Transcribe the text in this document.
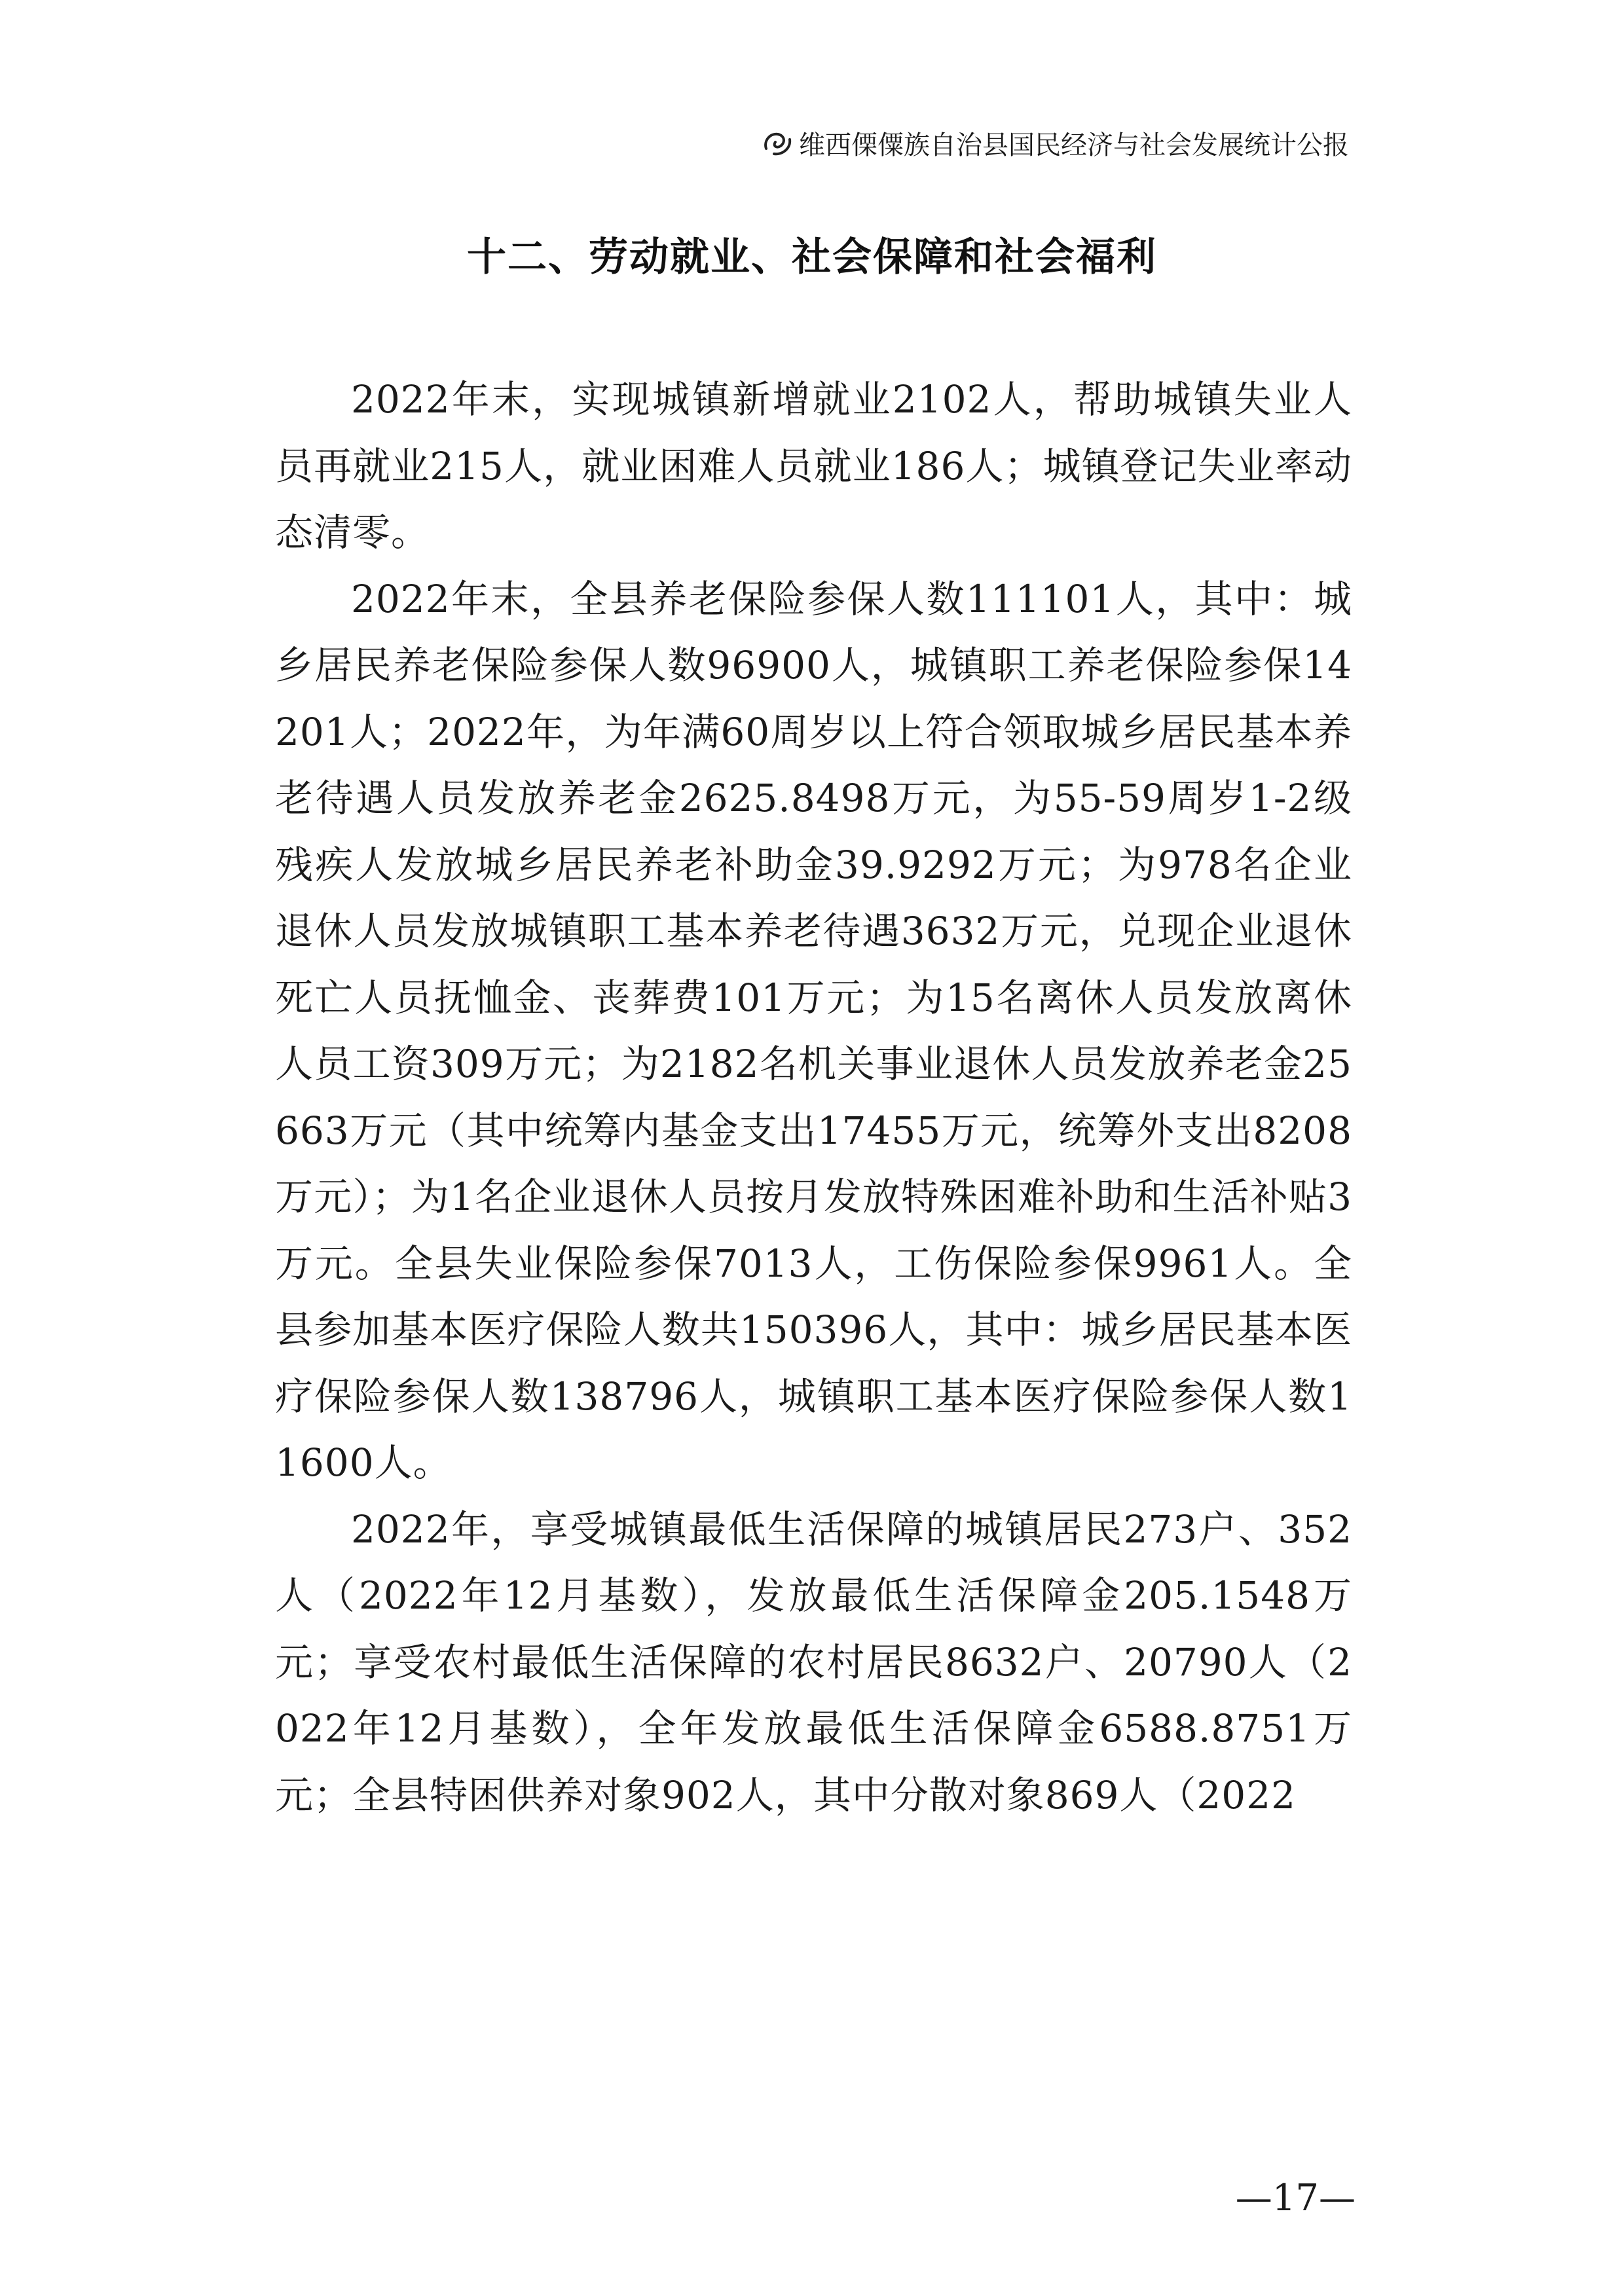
维西傈僳族自治县国民经济与社会发展统计公报
十二、劳动就业、社会保障和社会福利

2022年末，实现城镇新增就业2102人，帮助城镇失业人员再就业215人，就业困难人员就业186人；城镇登记失业率动态清零。

2022年末，全县养老保险参保人数111101人，其中：城乡居民养老保险参保人数96900人，城镇职工养老保险参保14201人；2022年，为年满60周岁以上符合领取城乡居民基本养老待遇人员发放养老金2625.8498万元，为55-59周岁1-2级残疾人发放城乡居民养老补助金39.9292万元；为978名企业退休人员发放城镇职工基本养老待遇3632万元，兑现企业退休死亡人员抚恤金、丧葬费101万元；为15名离休人员发放离休人员工资309万元；为2182名机关事业退休人员发放养老金25663万元（其中统筹内基金支出17455万元，统筹外支出8208万元）；为1名企业退休人员按月发放特殊困难补助和生活补贴3万元。全县失业保险参保7013人，工伤保险参保9961人。全县参加基本医疗保险人数共150396人，其中：城乡居民基本医疗保险参保人数138796人，城镇职工基本医疗保险参保人数11600人。

2022年，享受城镇最低生活保障的城镇居民273户、352人（2022年12月基数），发放最低生活保障金205.1548万元；享受农村最低生活保障的农村居民8632户、20790人（2022年12月基数），全年发放最低生活保障金6588.8751万元；全县特困供养对象902人，其中分散对象869人（2022

—17—
